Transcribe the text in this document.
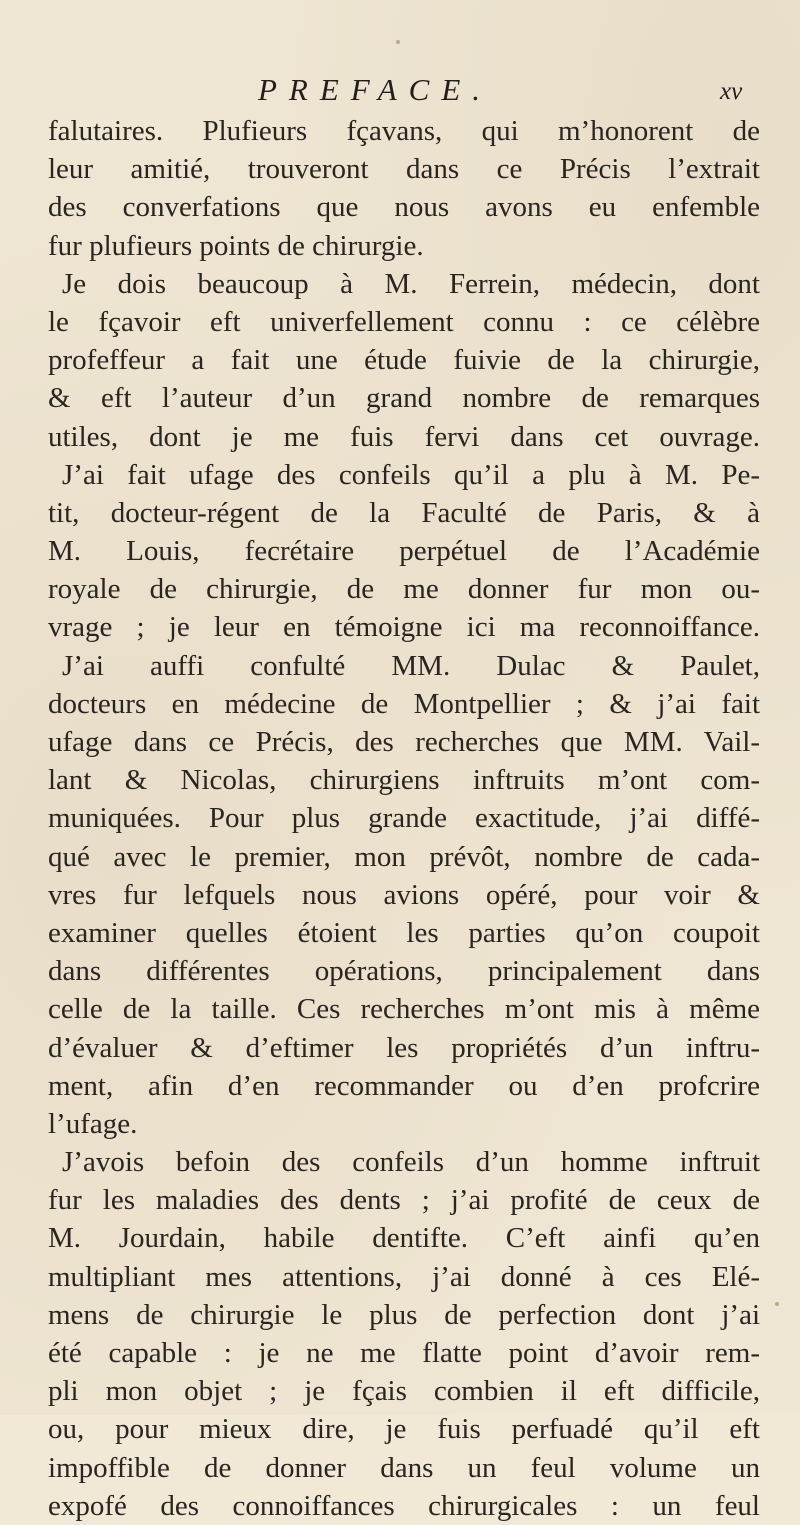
PREFACE.	xv
falutaires. Plufieurs fçavans, qui m’honorent de
leur amitié, trouveront dans ce Précis l’extrait
des converfations que nous avons eu enfemble
fur plufieurs points de chirurgie.
Je dois beaucoup à M. Ferrein, médecin, dont
le fçavoir eft univerfellement connu : ce célèbre
profeffeur a fait une étude fuivie de la chirurgie,
& eft l’auteur d’un grand nombre de remarques
utiles, dont je me fuis fervi dans cet ouvrage.
J’ai fait ufage des confeils qu’il a plu à M. Pe-
tit, docteur-régent de la Faculté de Paris, & à
M. Louis, fecrétaire perpétuel de l’Académie
royale de chirurgie, de me donner fur mon ou-
vrage ; je leur en témoigne ici ma reconnoiffance.
J’ai auffi confulté MM. Dulac & Paulet,
docteurs en médecine de Montpellier ; & j’ai fait
ufage dans ce Précis, des recherches que MM. Vail-
lant & Nicolas, chirurgiens inftruits m’ont com-
muniquées. Pour plus grande exactitude, j’ai diffé-
qué avec le premier, mon prévôt, nombre de cada-
vres fur lefquels nous avions opéré, pour voir &
examiner quelles étoient les parties qu’on coupoit
dans différentes opérations, principalement dans
celle de la taille. Ces recherches m’ont mis à même
d’évaluer & d’eftimer les propriétés d’un inftru-
ment, afin d’en recommander ou d’en profcrire
l’ufage.
J’avois befoin des confeils d’un homme inftruit
fur les maladies des dents ; j’ai profité de ceux de
M. Jourdain, habile dentifte. C’eft ainfi qu’en
multipliant mes attentions, j’ai donné à ces Elé-
mens de chirurgie le plus de perfection dont j’ai
été capable : je ne me flatte point d’avoir rem-
pli mon objet ; je fçais combien il eft difficile,
ou, pour mieux dire, je fuis perfuadé qu’il eft
impoffible de donner dans un feul volume un
expofé des connoiffances chirurgicales : un feul
